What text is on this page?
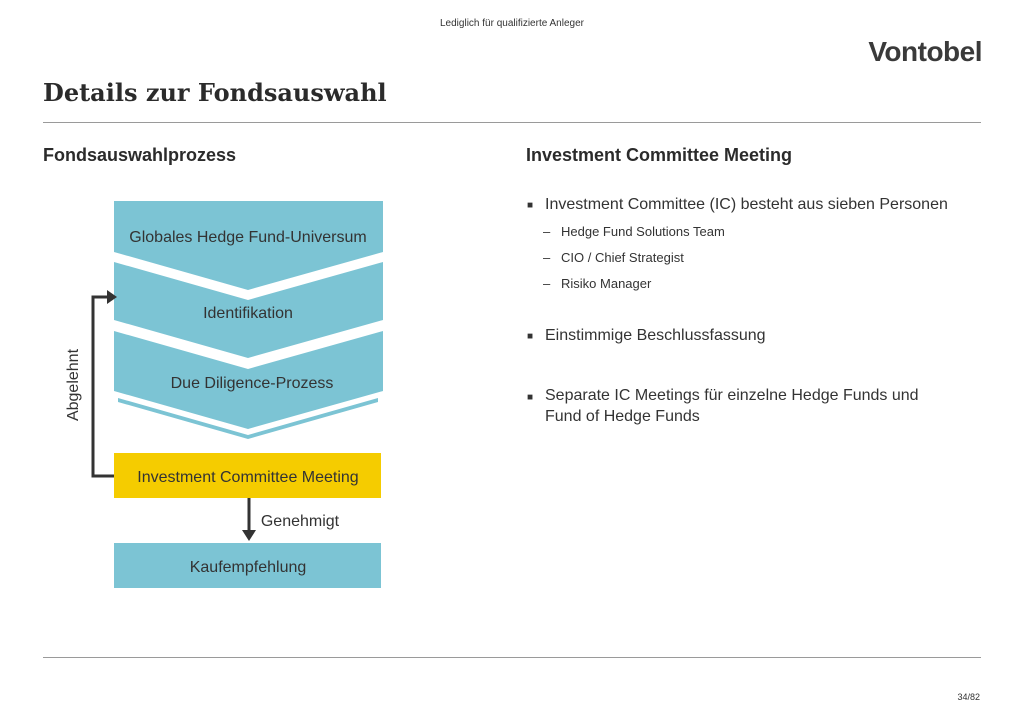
Lediglich für qualifizierte Anleger
Vontobel
Details zur Fondsauswahl
Fondsauswahlprozess	Investment Committee Meeting
Globales Hedge Fund-Universum
Identifikation
Due Diligence-Prozess
Investment Committee Meeting
Kaufempfehlung
Genehmigt
Abgelehnt
■ Investment Committee (IC) besteht aus sieben Personen
– Hedge Fund Solutions Team
– CIO / Chief Strategist
– Risiko Manager
■ Einstimmige Beschlussfassung
■ Separate IC Meetings für einzelne Hedge Funds und Fund of Hedge Funds
34/82
